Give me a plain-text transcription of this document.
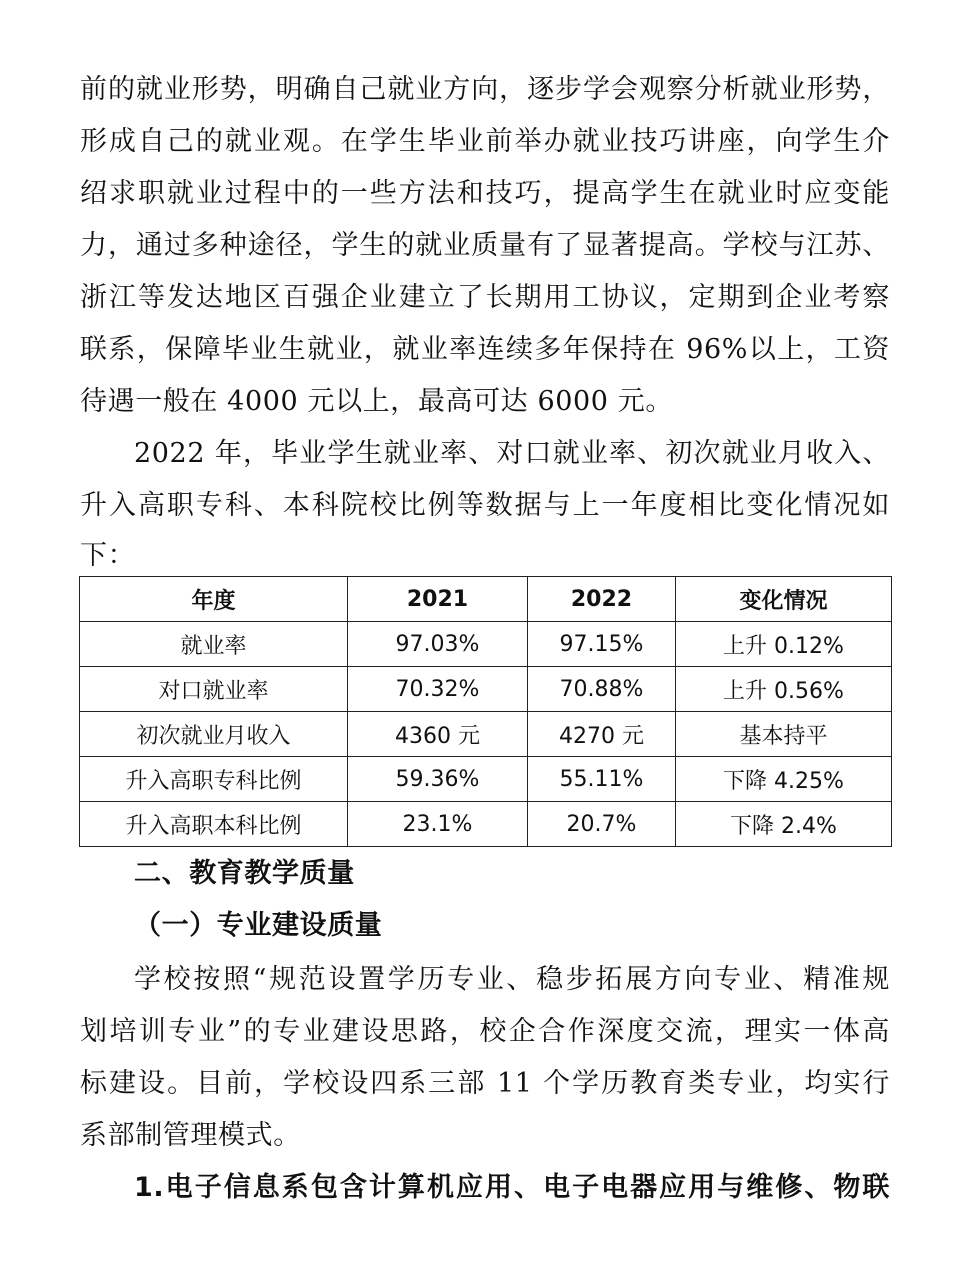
前的就业形势，明确自己就业方向，逐步学会观察分析就业形势，
形成自己的就业观。在学生毕业前举办就业技巧讲座，向学生介
绍求职就业过程中的一些方法和技巧，提高学生在就业时应变能
力，通过多种途径，学生的就业质量有了显著提高。学校与江苏、
浙江等发达地区百强企业建立了长期用工协议，定期到企业考察
联系，保障毕业生就业，就业率连续多年保持在 96%以上，工资
待遇一般在 4000 元以上，最高可达 6000 元。
2022 年，毕业学生就业率、对口就业率、初次就业月收入、
升入高职专科、本科院校比例等数据与上一年度相比变化情况如
下：
年度	2021	2022	变化情况
就业率	97.03%	97.15%	上升 0.12%
对口就业率	70.32%	70.88%	上升 0.56%
初次就业月收入	4360 元	4270 元	基本持平
升入高职专科比例	59.36%	55.11%	下降 4.25%
升入高职本科比例	23.1%	20.7%	下降 2.4%
二、教育教学质量
（一）专业建设质量
学校按照“规范设置学历专业、稳步拓展方向专业、精准规
划培训专业”的专业建设思路，校企合作深度交流，理实一体高
标建设。目前，学校设四系三部 11 个学历教育类专业，均实行
系部制管理模式。
1.电子信息系包含计算机应用、电子电器应用与维修、物联
